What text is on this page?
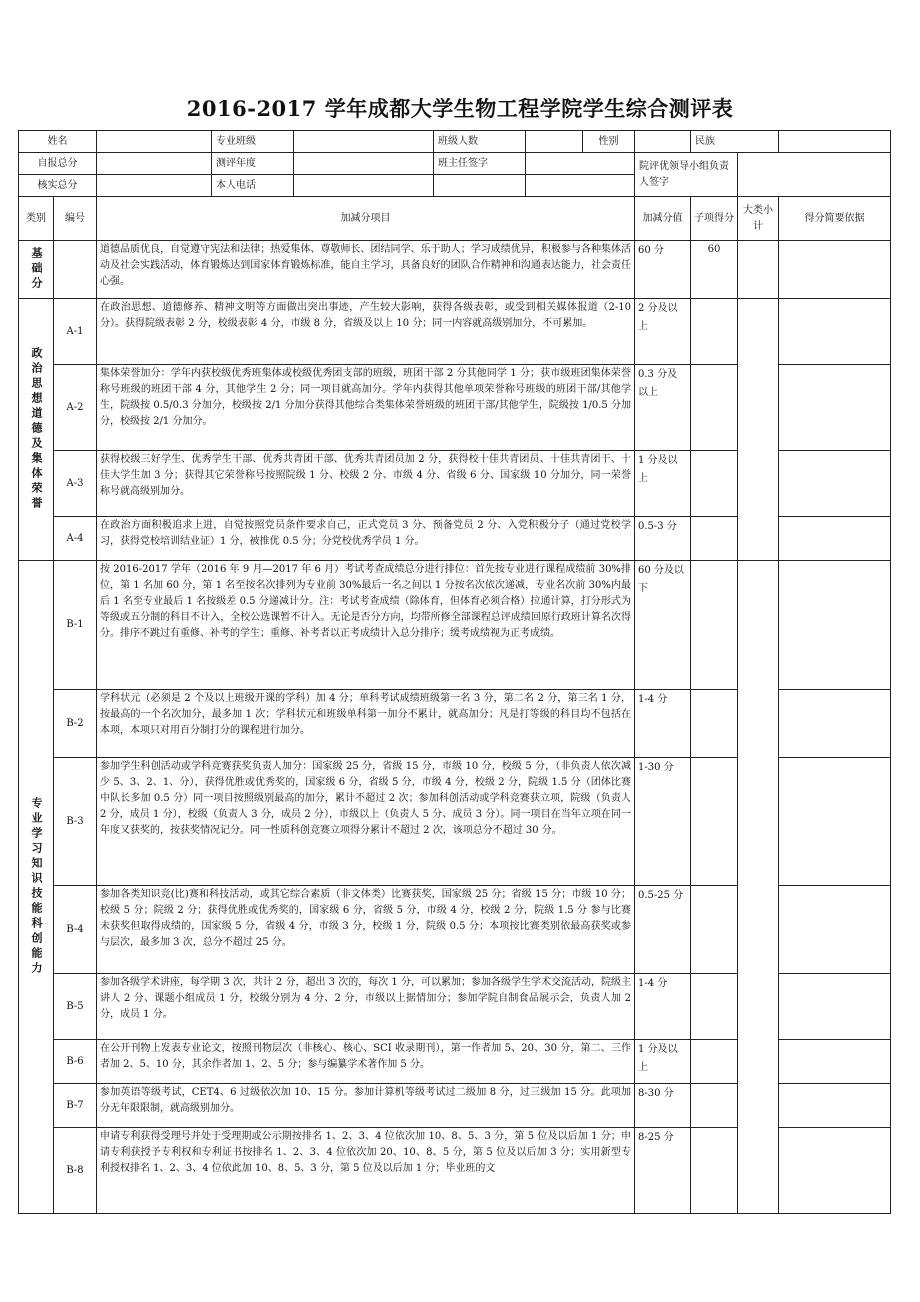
2016-2017 学年成都大学生物工程学院学生综合测评表
姓名			专业班级		班级人数		性别		民族		
自报总分			测评年度		班主任签字			院评优领导小组负责人签字			
核实总分			本人电话								
类别	编号	加减分项目						加减分值	子项得分	大类小计	得分简要依据

基础分		道德品质优良，自觉遵守宪法和法律；热爱集体、尊敬师长、团结同学、乐于助人；学习成绩优异，积极参与各种集体活动及社会实践活动，体育锻炼达到国家体育锻炼标准，能自主学习，具备良好的团队合作精神和沟通表达能力，社会责任心强。						60 分	60		

政治思想道德及集体荣誉	A-1	在政治思想、道德修养、精神文明等方面做出突出事迹，产生较大影响，获得各级表彰，或受到相关媒体报道（2-10 分）。获得院级表彰 2 分，校级表彰 4 分，市级 8 分，省级及以上 10 分；同一内容就高级别加分，不可累加。						2 分及以上			
	A-2	集体荣誉加分：学年内获校级优秀班集体或校级优秀团支部的班级，班团干部 2 分其他同学 1 分；获市级班团集体荣誉称号班级的班团干部 4 分，其他学生 2 分；同一项目就高加分。学年内获得其他单项荣誉称号班级的班团干部/其他学生，院级按 0.5/0.3 分加分，校级按 2/1 分加分获得其他综合类集体荣誉班级的班团干部/其他学生，院级按 1/0.5 分加分，校级按 2/1 分加分。						0.3 分及以上			
	A-3	获得校级三好学生、优秀学生干部、优秀共青团干部、优秀共青团员加 2 分，获得校十佳共青团员、十佳共青团干、十佳大学生加 3 分；获得其它荣誉称号按照院级 1 分、校级 2 分、市级 4 分、省级 6 分、国家级 10 分加分，同一荣誉称号就高级别加分。						1 分及以上			
	A-4	在政治方面积极追求上进，自觉按照党员条件要求自己，正式党员 3 分、预备党员 2 分、入党积极分子（通过党校学习，获得党校培训结业证）1 分，被推优 0.5 分；分党校优秀学员 1 分。						0.5-3 分			

专业学习知识技能科创能力	B-1	按 2016-2017 学年（2016 年 9 月—2017 年 6 月）考试考查成绩总分进行排位：首先按专业进行课程成绩前 30%排位，第 1 名加 60 分，第 1 名至按名次排列为专业前 30%最后一名之间以 1 分按名次依次递减，专业名次前 30%内最后 1 名至专业最后 1 名按级差 0.5 分递减计分。注：考试考查成绩（除体育，但体育必须合格）拉通计算，打分形式为等级或五分制的科目不计入，全校公选课暂不计入。无论是否分方向，均带所修全部课程总评成绩回原行政班计算名次得分。排序不跳过有重修、补考的学生；重修、补考者以正考成绩计入总分排序；缓考成绩视为正考成绩。						60 分及以下			
	B-2	学科状元（必须是 2 个及以上班级开课的学科）加 4 分；单科考试成绩班级第一名 3 分，第二名 2 分，第三名 1 分，按最高的一个名次加分，最多加 1 次；学科状元和班级单科第一加分不累计，就高加分；凡是打等级的科目均不包括在本项，本项只对用百分制打分的课程进行加分。						1-4 分			
	B-3	参加学生科创活动或学科竞赛获奖负责人加分：国家级 25 分，省级 15 分，市级 10 分，校级 5 分，（非负责人依次减少 5、3、2、1、分），获得优胜或优秀奖的，国家级 6 分，省级 5 分，市级 4 分，校级 2 分，院级 1.5 分（团体比赛中队长多加 0.5 分）同一项目按照级别最高的加分，累计不超过 2 次；参加科创活动或学科竞赛获立项，院级（负责人 2 分，成员 1 分），校级（负责人 3 分，成员 2 分），市级以上（负责人 5 分、成员 3 分）。同一项目在当年立项在同一年度又获奖的，按获奖情况记分。同一性质科创竞赛立项得分累计不超过 2 次，该项总分不超过 30 分。						1-30 分			
	B-4	参加各类知识竞(比)赛和科技活动，或其它综合素质（非文体类）比赛获奖，国家级 25 分；省级 15 分；市级 10 分；校级 5 分；院级 2 分；获得优胜或优秀奖的，国家级 6 分，省级 5 分，市级 4 分，校级 2 分，院级 1.5 分 参与比赛未获奖但取得成绩的，国家级 5 分，省级 4 分，市级 3 分，校级 1 分，院级 0.5 分；本项按比赛类别依最高获奖或参与层次，最多加 3 次，总分不超过 25 分。						0.5-25 分			
	B-5	参加各级学术讲座，每学期 3 次，共计 2 分，超出 3 次的，每次 1 分，可以累加；参加各级学生学术交流活动，院级主讲人 2 分、课题小组成员 1 分，校级分别为 4 分、2 分，市级以上据情加分；参加学院自制食品展示会，负责人加 2 分，成员 1 分。						1-4 分			
	B-6	在公开刊物上发表专业论文，按照刊物层次（非核心、核心、SCI 收录期刊），第一作者加 5、20、30 分，第二、三作者加 2、5、10 分，其余作者加 1、2、5 分；参与编纂学术著作加 5 分。						1 分及以上			
	B-7	参加英语等级考试，CET4、6 过级依次加 10、15 分。参加计算机等级考试过二级加 8 分，过三级加 15 分。此项加分无年限限制，就高级别加分。						8-30 分			
	B-8	申请专利获得受理号并处于受理期或公示期按排名 1、2、3、4 位依次加 10、8、5、3 分，第 5 位及以后加 1 分；申请专利获授予专利权和专利证书按排名 1、2、3、4 位依次加 20、10、8、5 分，第 5 位及以后加 3 分；实用新型专利授权排名 1、2、3、4 位依此加 10、8、5、3 分，第 5 位及以后加 1 分；毕业班的文						8-25 分			
